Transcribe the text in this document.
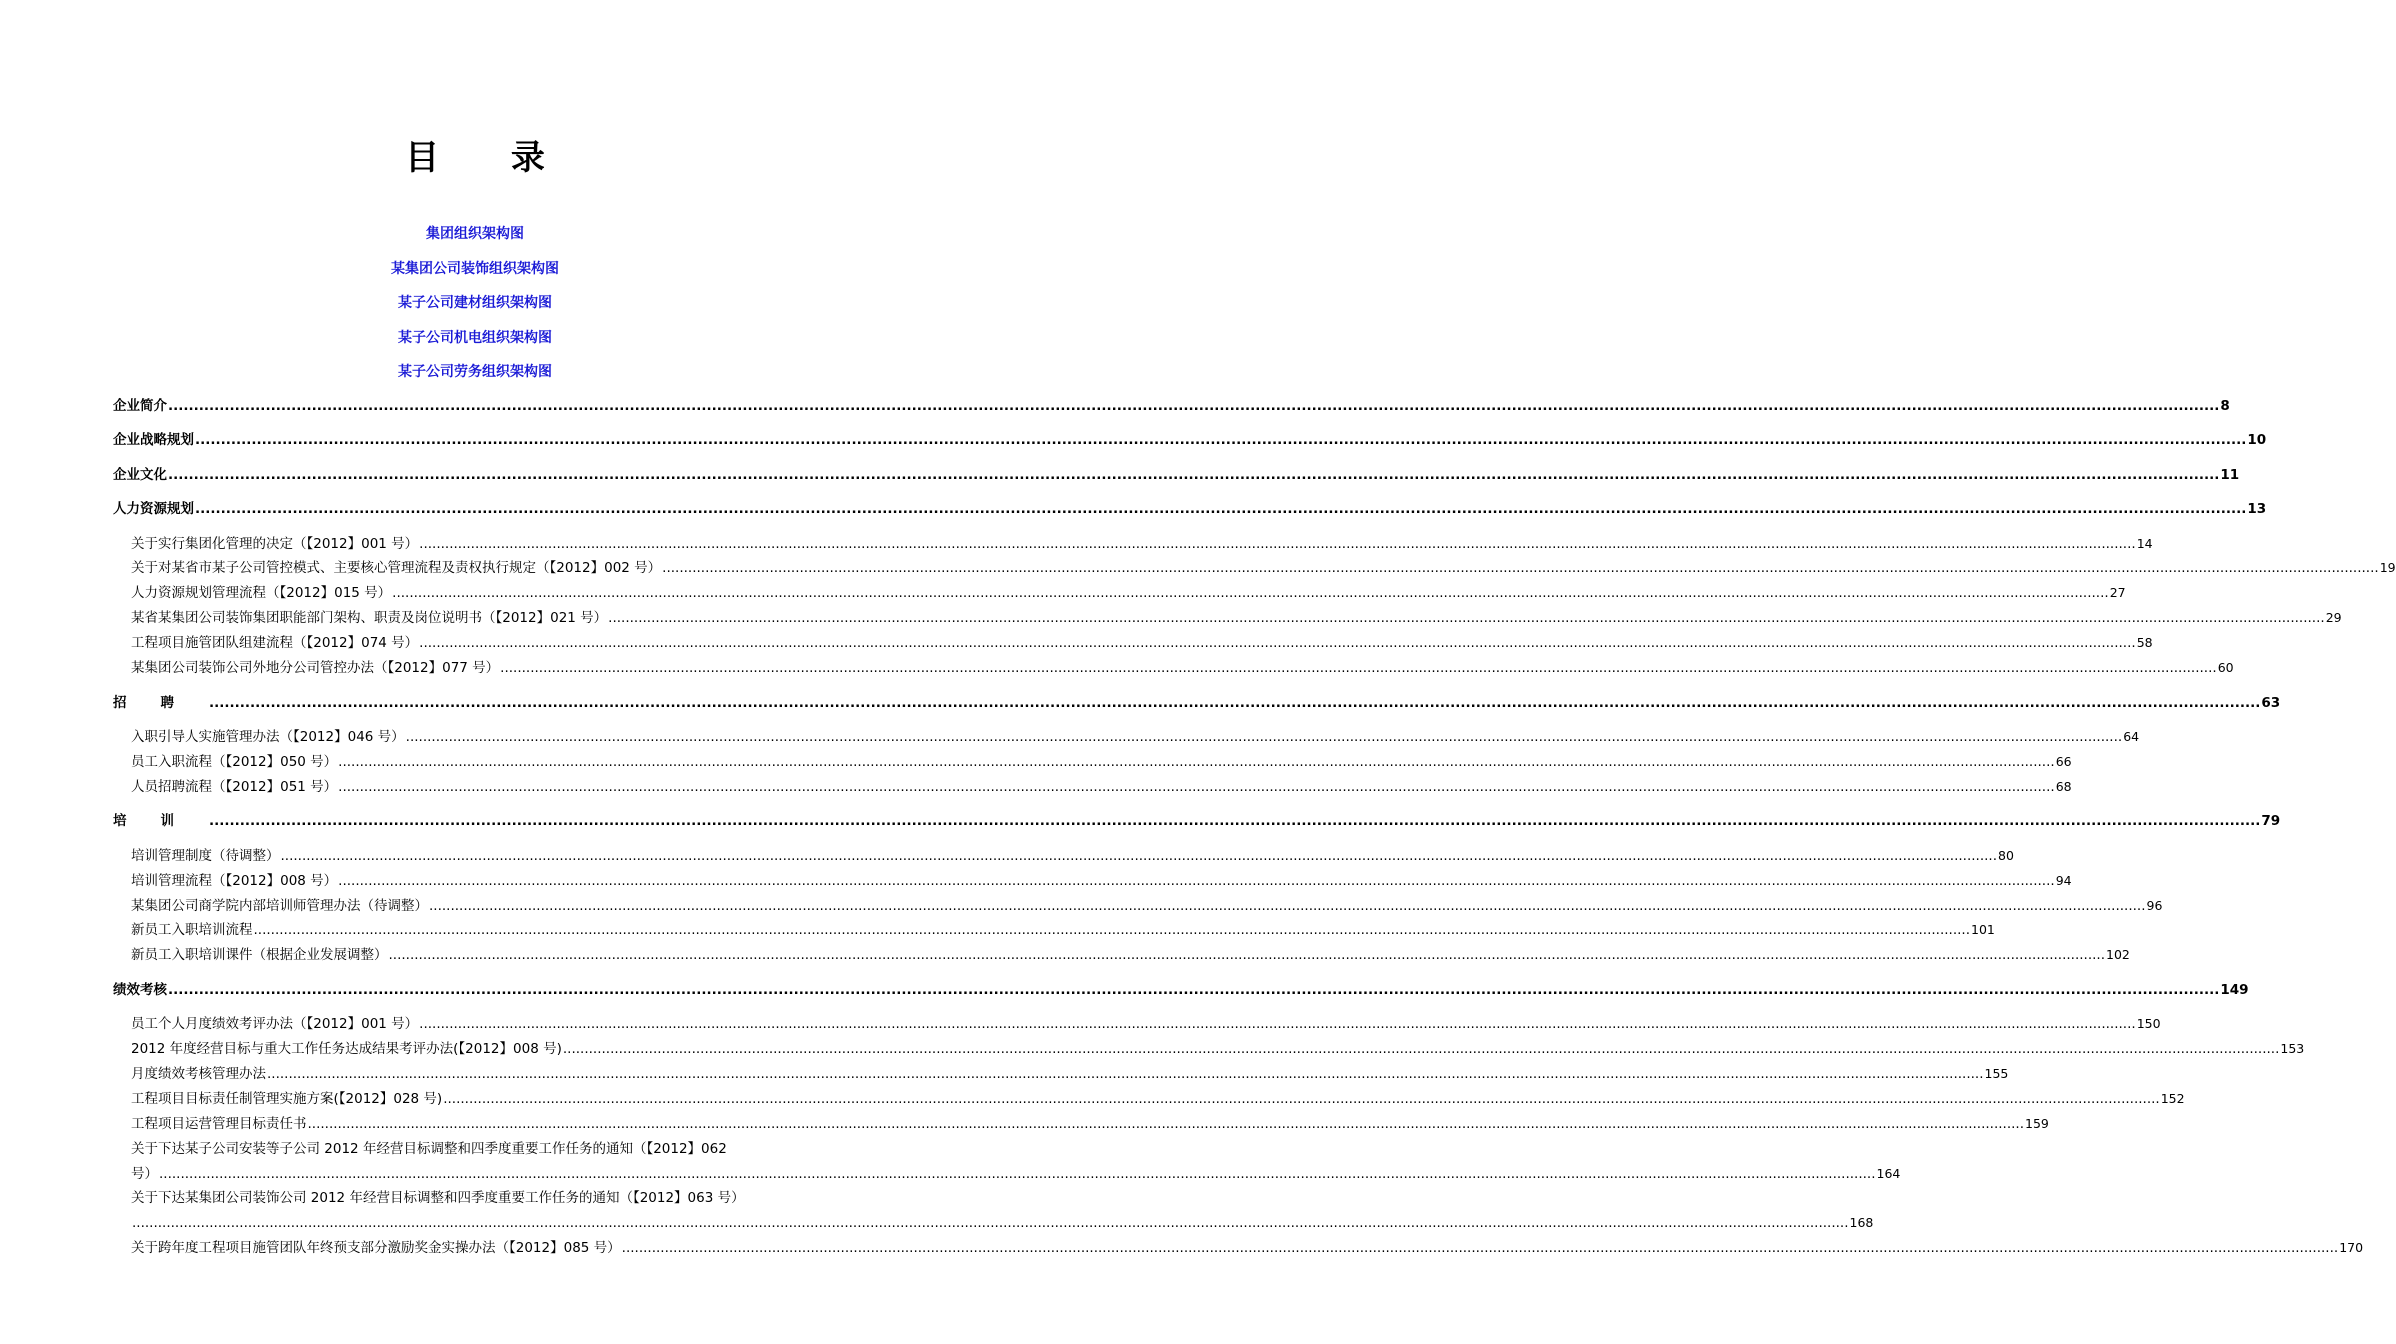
目 录
集团组织架构图
某集团公司装饰组织架构图
某子公司建材组织架构图
某子公司机电组织架构图
某子公司劳务组织架构图
企业简介 ................................................................................................................................................................................................................................................................................................................................................................................................................ 8
企业战略规划 ................................................................................................................................................................................................................................................................................................................................................................................................................ 10
企业文化 ................................................................................................................................................................................................................................................................................................................................................................................................................ 11
人力资源规划 ................................................................................................................................................................................................................................................................................................................................................................................................................ 13
关于实行集团化管理的决定（【2012】001 号） ................................................................................................................................................................................................................................................................................................................................................................................................................ 14
关于对某省市某子公司管控模式、主要核心管理流程及责权执行规定（【2012】002 号） ................................................................................................................................................................................................................................................................................................................................................................................................................ 19
人力资源规划管理流程（【2012】015 号） ................................................................................................................................................................................................................................................................................................................................................................................................................ 27
某省某集团公司装饰集团职能部门架构、职责及岗位说明书（【2012】021 号） ................................................................................................................................................................................................................................................................................................................................................................................................................ 29
工程项目施管团队组建流程（【2012】074 号） ................................................................................................................................................................................................................................................................................................................................................................................................................ 58
某集团公司装饰公司外地分公司管控办法（【2012】077 号） ................................................................................................................................................................................................................................................................................................................................................................................................................ 60
招聘 ................................................................................................................................................................................................................................................................................................................................................................................................................ 63
入职引导人实施管理办法（【2012】046 号） ................................................................................................................................................................................................................................................................................................................................................................................................................ 64
员工入职流程（【2012】050 号） ................................................................................................................................................................................................................................................................................................................................................................................................................ 66
人员招聘流程（【2012】051 号） ................................................................................................................................................................................................................................................................................................................................................................................................................ 68
培训 ................................................................................................................................................................................................................................................................................................................................................................................................................ 79
培训管理制度（待调整） ................................................................................................................................................................................................................................................................................................................................................................................................................ 80
培训管理流程（【2012】008 号） ................................................................................................................................................................................................................................................................................................................................................................................................................ 94
某集团公司商学院内部培训师管理办法（待调整） ................................................................................................................................................................................................................................................................................................................................................................................................................ 96
新员工入职培训流程 ................................................................................................................................................................................................................................................................................................................................................................................................................ 101
新员工入职培训课件（根据企业发展调整） ................................................................................................................................................................................................................................................................................................................................................................................................................ 102
绩效考核 ................................................................................................................................................................................................................................................................................................................................................................................................................ 149
员工个人月度绩效考评办法（【2012】001 号） ................................................................................................................................................................................................................................................................................................................................................................................................................ 150
2012 年度经营目标与重大工作任务达成结果考评办法(【2012】008 号) ................................................................................................................................................................................................................................................................................................................................................................................................................ 153
月度绩效考核管理办法 ................................................................................................................................................................................................................................................................................................................................................................................................................ 155
工程项目目标责任制管理实施方案(【2012】028 号) ................................................................................................................................................................................................................................................................................................................................................................................................................ 152
工程项目运营管理目标责任书 ................................................................................................................................................................................................................................................................................................................................................................................................................ 159
关于下达某子公司安装等子公司 2012 年经营目标调整和四季度重要工作任务的通知（【2012】062
号） ................................................................................................................................................................................................................................................................................................................................................................................................................ 164
关于下达某集团公司装饰公司 2012 年经营目标调整和四季度重要工作任务的通知（【2012】063 号）
................................................................................................................................................................................................................................................................................................................................................................................................................ 168
关于跨年度工程项目施管团队年终预支部分激励奖金实操办法（【2012】085 号） ................................................................................................................................................................................................................................................................................................................................................................................................................ 170
